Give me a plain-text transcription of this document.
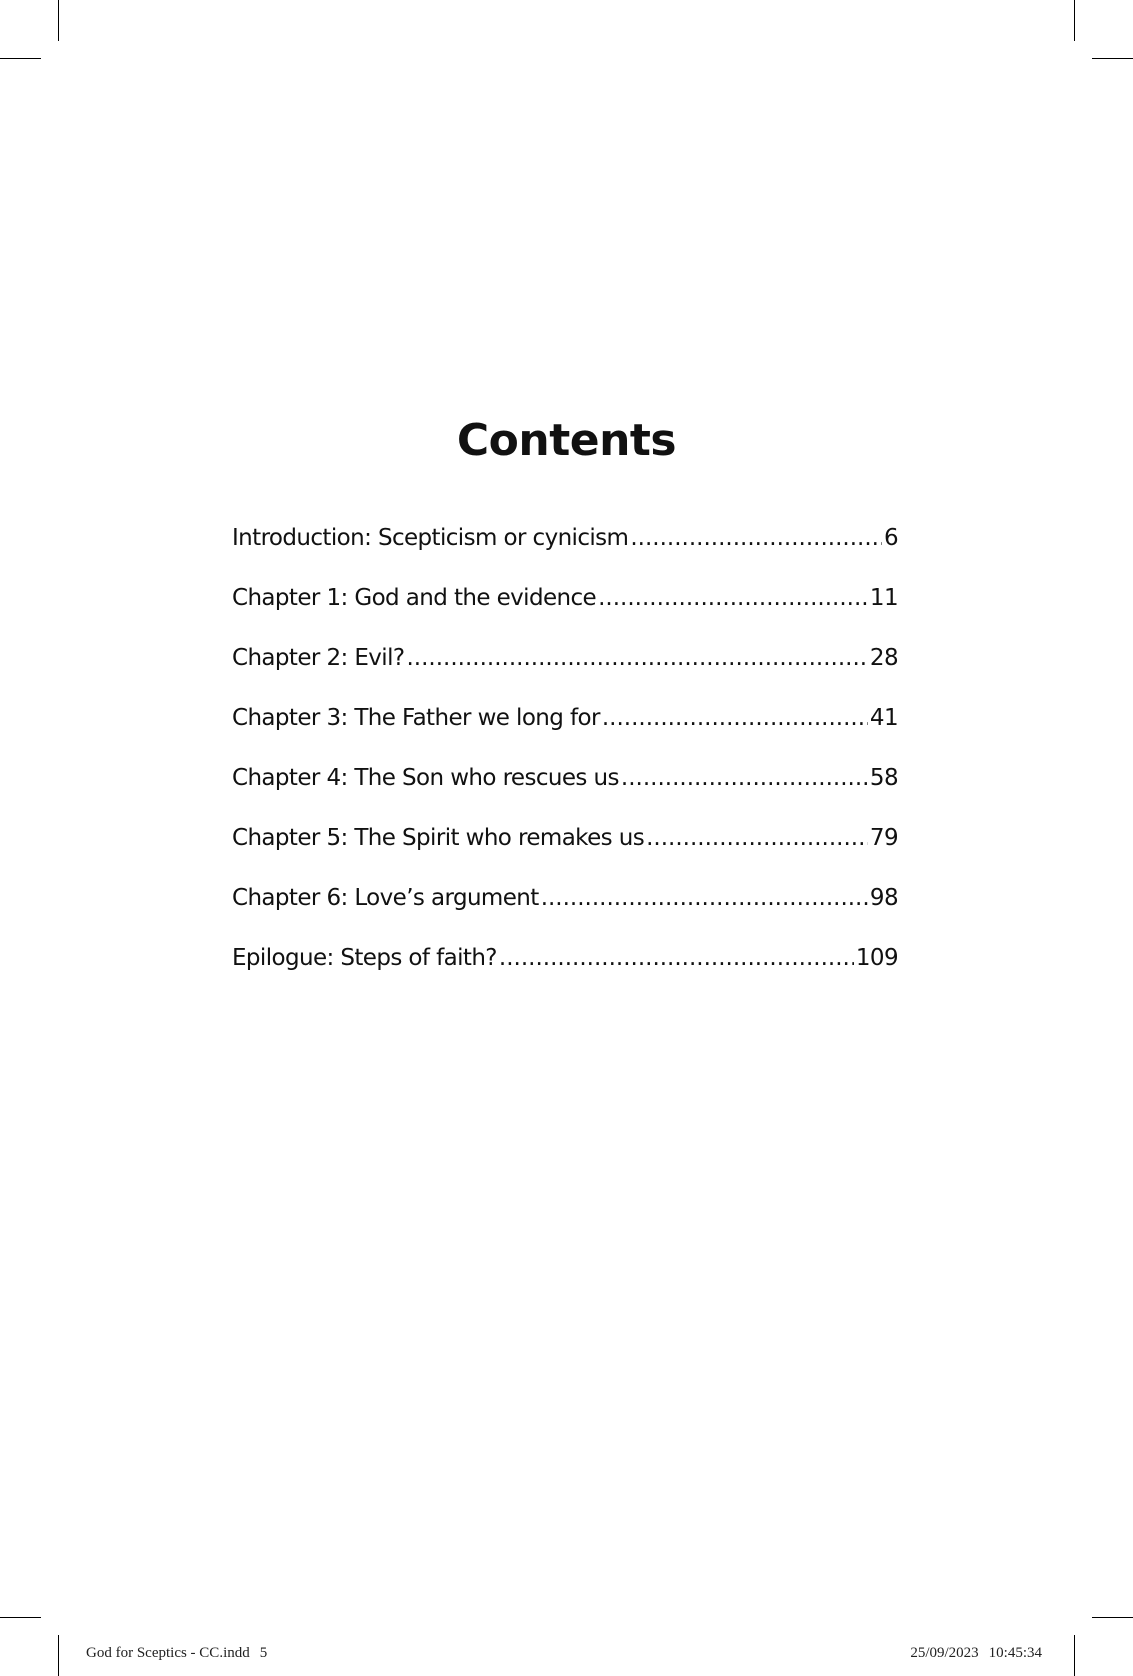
Contents
Introduction: Scepticism or cynicism .....	6
Chapter 1: God and the evidence .....	11
Chapter 2: Evil? .....	28
Chapter 3: The Father we long for .....	41
Chapter 4: The Son who rescues us .....	58
Chapter 5: The Spirit who remakes us .....	79
Chapter 6: Love’s argument .....	98
Epilogue: Steps of faith? .....	109
God for Sceptics - CC.indd 5	25/09/2023 10:45:34
